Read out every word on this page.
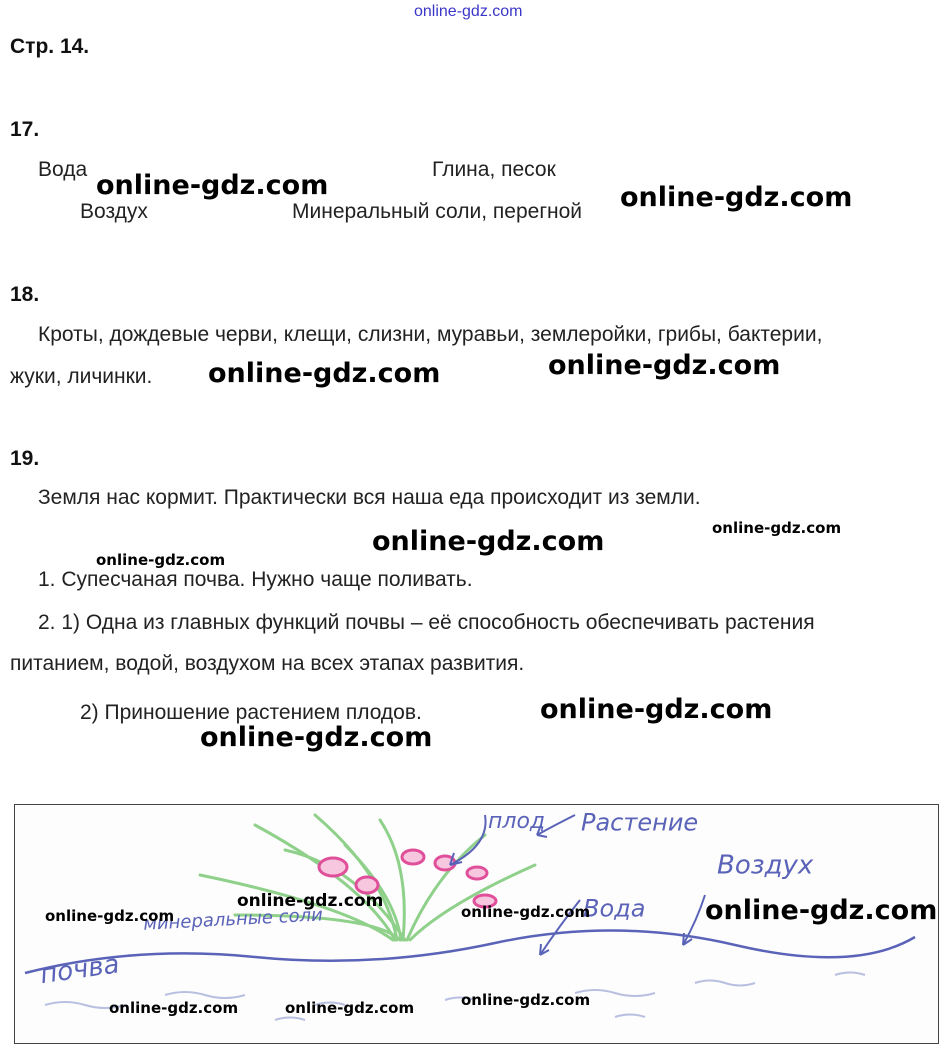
online-gdz.com
Стр. 14.
17.
Вода	Глина, песок
Воздух	Минеральный соли, перегной
online-gdz.com	online-gdz.com
18.
Кроты, дождевые черви, клещи, слизни, муравьи, землеройки, грибы, бактерии,
жуки, личинки. online-gdz.com	online-gdz.com
19.
Земля нас кормит. Практически вся наша еда происходит из земли.
online-gdz.com
online-gdz.com
online-gdz.com
1. Супесчаная почва. Нужно чаще поливать.
2. 1) Одна из главных функций почвы – её способность обеспечивать растения
питанием, водой, воздухом на всех этапах развития.
2) Приношение растением плодов.	online-gdz.com
online-gdz.com
плод Растение
Воздух
Вода
минеральные соли
почва
online-gdz.com
online-gdz.com	online-gdz.com	online-gdz.com
online-gdz.com	online-gdz.com	online-gdz.com
